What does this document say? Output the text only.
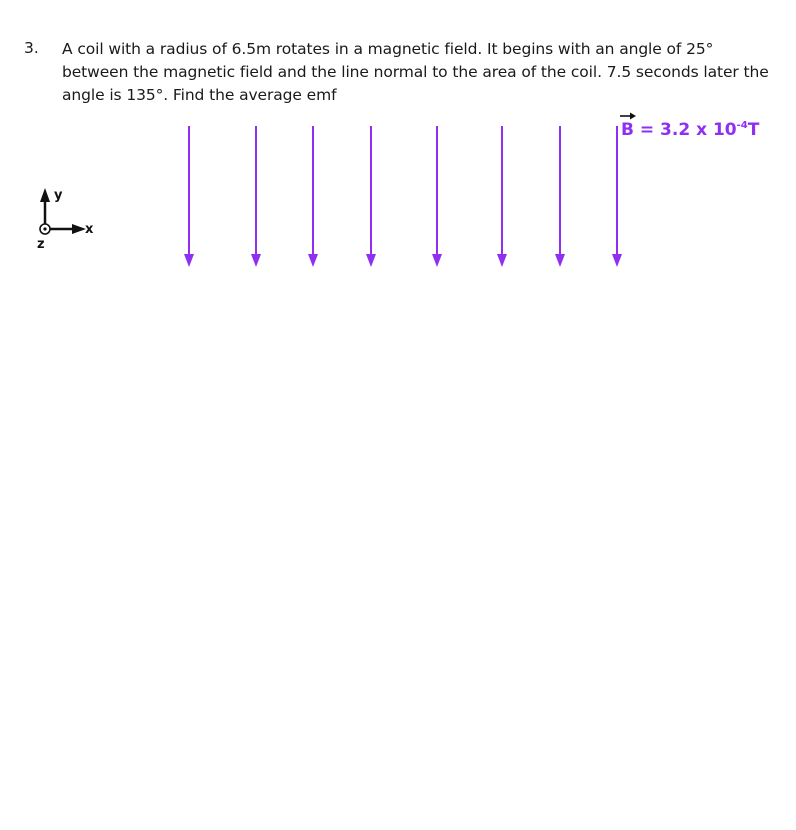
3. A coil with a radius of 6.5m rotates in a magnetic field. It begins with an angle of 25° between the magnetic field and the line normal to the area of the coil. 7.5 seconds later the angle is 135°. Find the average emf
y
x
z
B = 3.2 x $10^{-4}T$
